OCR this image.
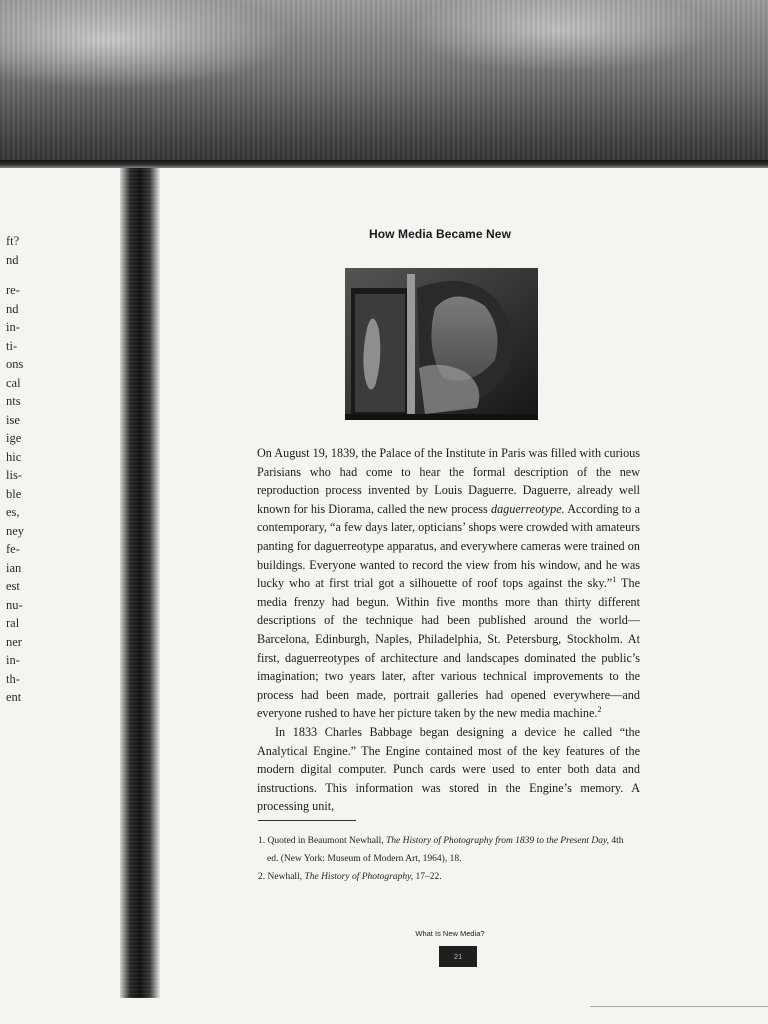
ft?
nd
re-
nd
in-
ti-
ons
cal
nts
ise
ige
hic
lis-
ble
es,
ney
fe-
ian
est
nu-
ral
ner
in-
th-
ent
How Media Became New

On August 19, 1839, the Palace of the Institute in Paris was filled with curious Parisians who had come to hear the formal description of the new reproduction process invented by Louis Daguerre. Daguerre, already well known for his Diorama, called the new process daguerreotype. According to a contemporary, “a few days later, opticians’ shops were crowded with amateurs panting for daguerreotype apparatus, and everywhere cameras were trained on buildings. Everyone wanted to record the view from his window, and he was lucky who at first trial got a silhouette of roof tops against the sky.”$^1$ The media frenzy had begun. Within five months more than thirty different descriptions of the technique had been published around the world—Barcelona, Edinburgh, Naples, Philadelphia, St. Petersburg, Stockholm. At first, daguerreotypes of architecture and landscapes dominated the public’s imagination; two years later, after various technical improvements to the process had been made, portrait galleries had opened everywhere—and everyone rushed to have her picture taken by the new media machine.$^2$

In 1833 Charles Babbage began designing a device he called “the Analytical Engine.” The Engine contained most of the key features of the modern digital computer. Punch cards were used to enter both data and instructions. This information was stored in the Engine’s memory. A processing unit,

1. Quoted in Beaumont Newhall, The History of Photography from 1839 to the Present Day, 4th
ed. (New York: Museum of Modern Art, 1964), 18.
2. Newhall, The History of Photography, 17–22.
What Is New Media?
21
